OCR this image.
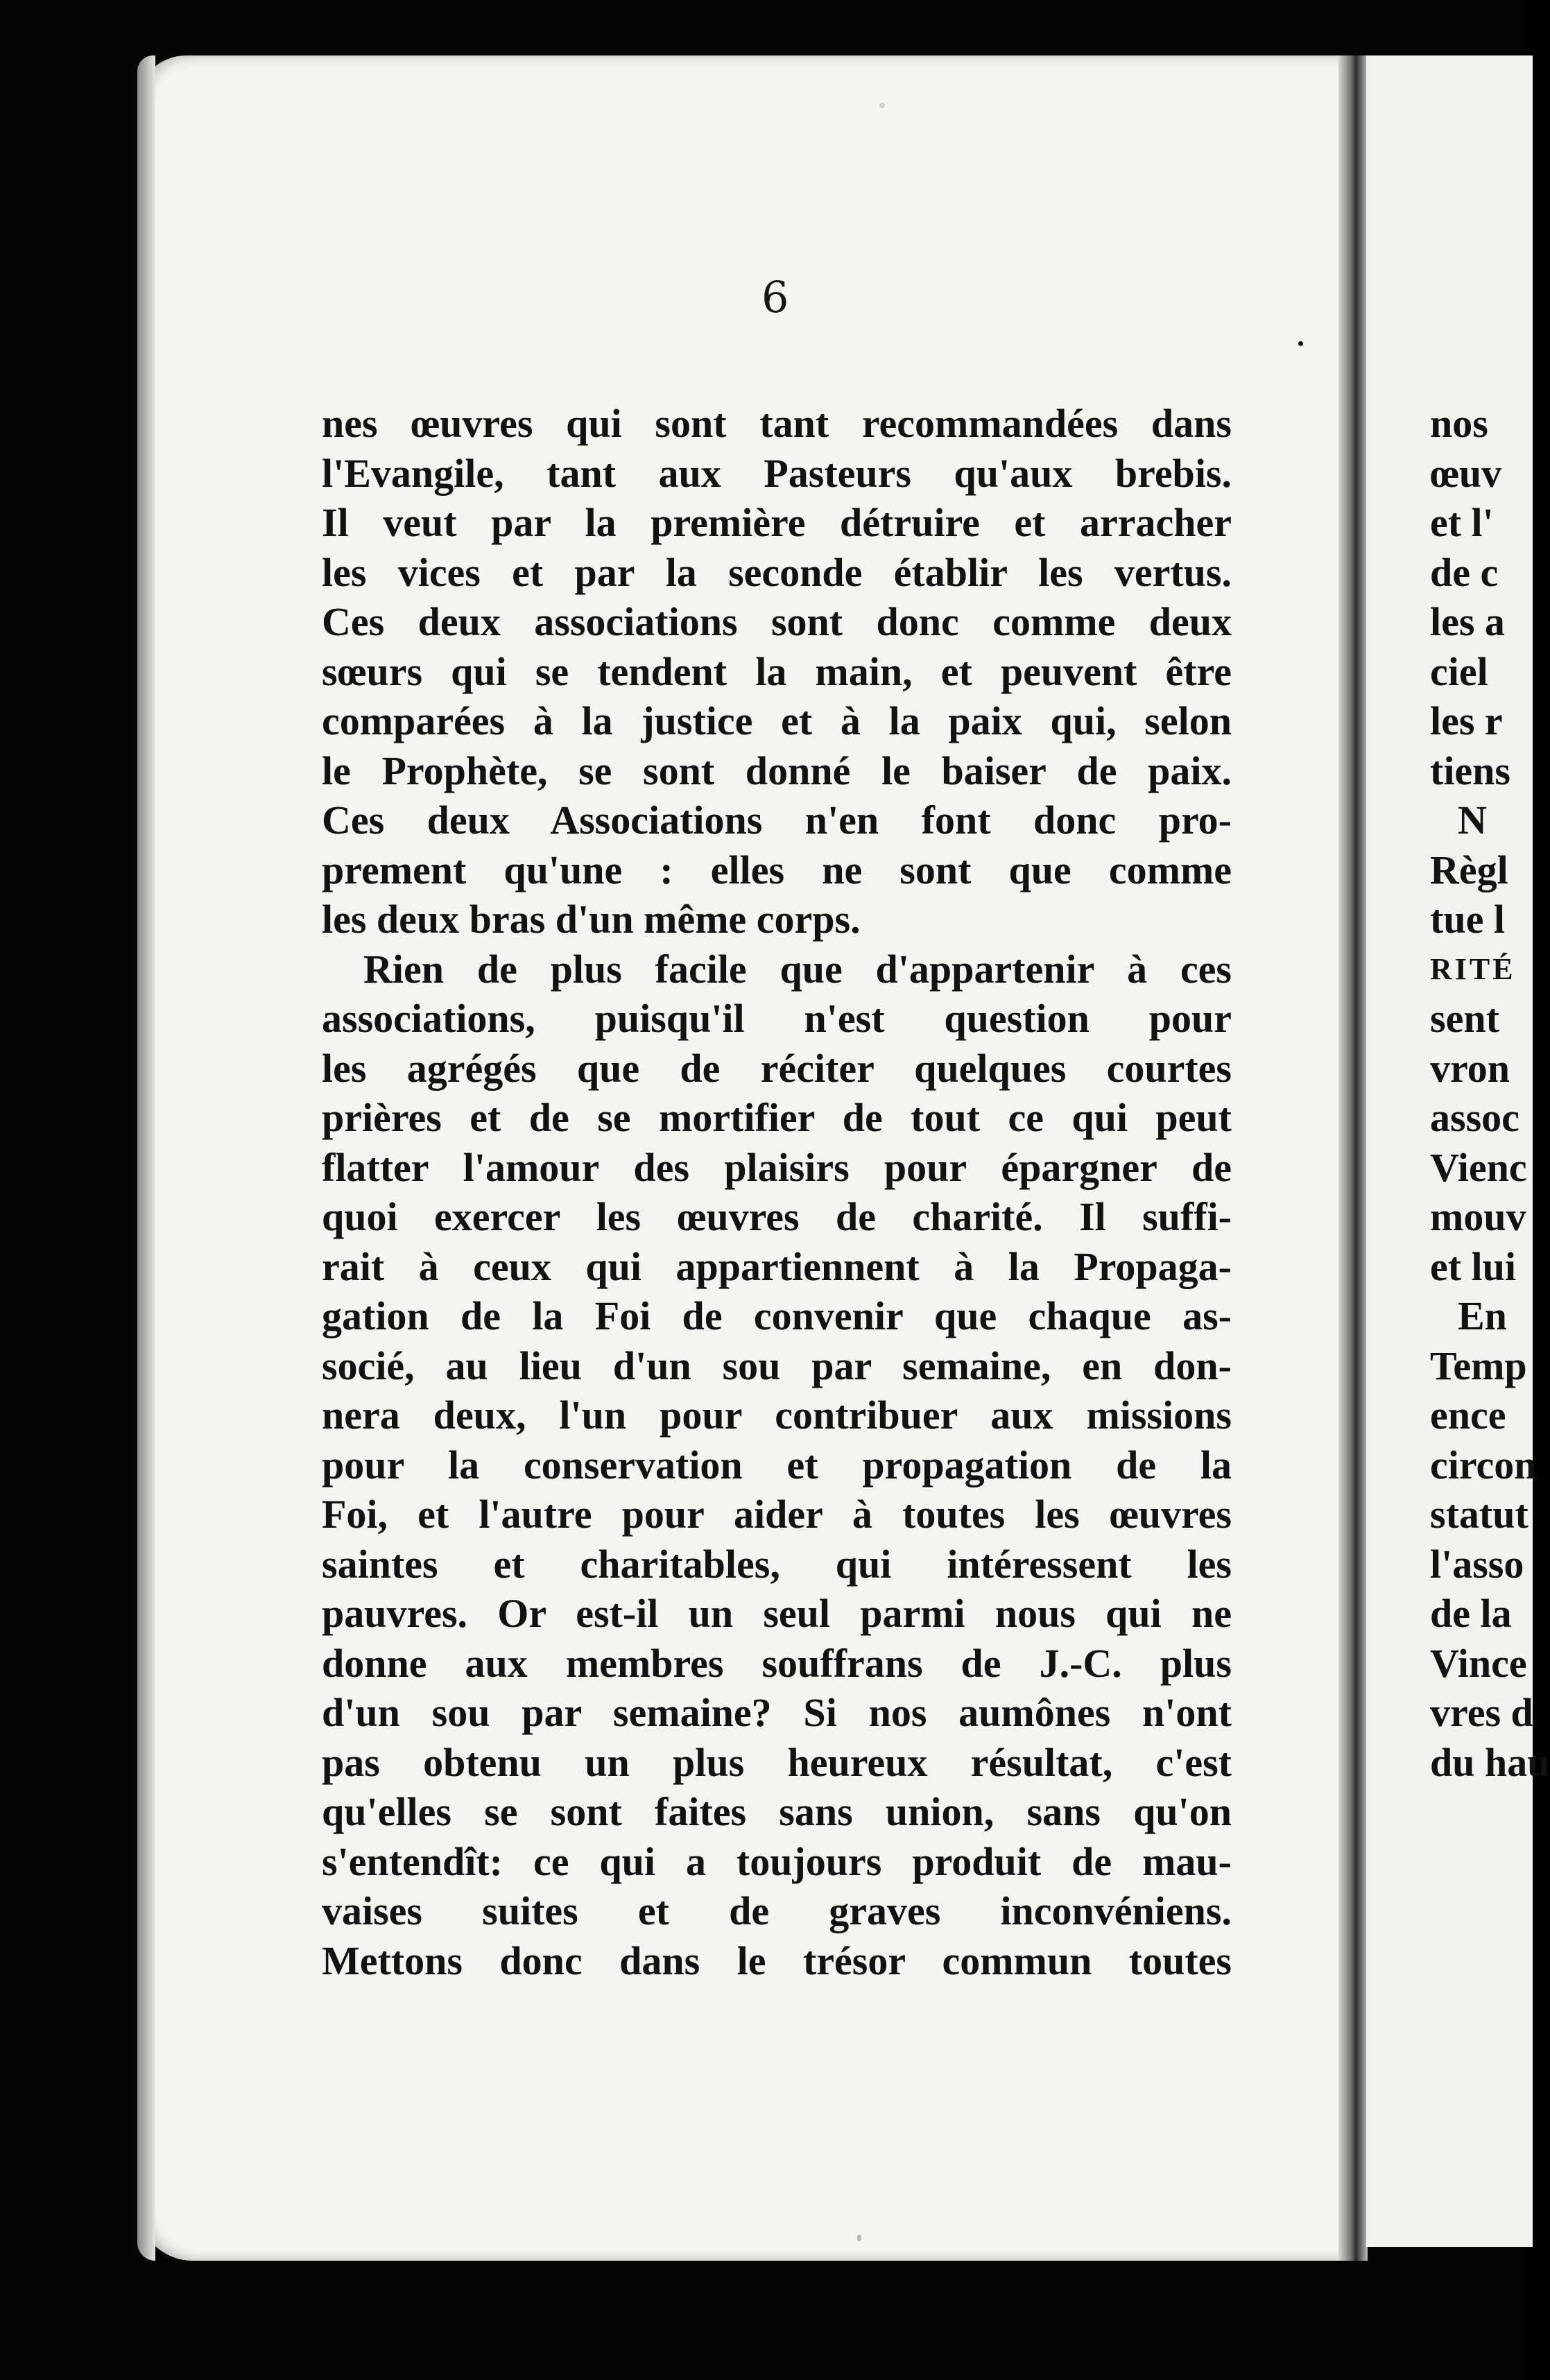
6
nes œuvres qui sont tant recommandées dans
l'Evangile, tant aux Pasteurs qu'aux brebis.
Il veut par la première détruire et arracher
les vices et par la seconde établir les vertus.
Ces deux associations sont donc comme deux
sœurs qui se tendent la main, et peuvent être
comparées à la justice et à la paix qui, selon
le Prophète, se sont donné le baiser de paix.
Ces deux Associations n'en font donc pro-
prement qu'une : elles ne sont que comme
les deux bras d'un même corps.
Rien de plus facile que d'appartenir à ces
associations, puisqu'il n'est question pour
les agrégés que de réciter quelques courtes
prières et de se mortifier de tout ce qui peut
flatter l'amour des plaisirs pour épargner de
quoi exercer les œuvres de charité. Il suffi-
rait à ceux qui appartiennent à la Propaga-
gation de la Foi de convenir que chaque as-
socié, au lieu d'un sou par semaine, en don-
nera deux, l'un pour contribuer aux missions
pour la conservation et propagation de la
Foi, et l'autre pour aider à toutes les œuvres
saintes et charitables, qui intéressent les
pauvres. Or est-il un seul parmi nous qui ne
donne aux membres souffrans de J.-C. plus
d'un sou par semaine? Si nos aumônes n'ont
pas obtenu un plus heureux résultat, c'est
qu'elles se sont faites sans union, sans qu'on
s'entendît: ce qui a toujours produit de mau-
vaises suites et de graves inconvéniens.
Mettons donc dans le trésor commun toutes
nos
œuv
et l'
de c
les a
ciel
les r
tiens
N
Règl
tue l
RITÉ
sent
vron
assoc
Vienc
mouv
et lui
En
Temp
ence
circon
statut
l'asso
de la
Vince
vres d
du hau
